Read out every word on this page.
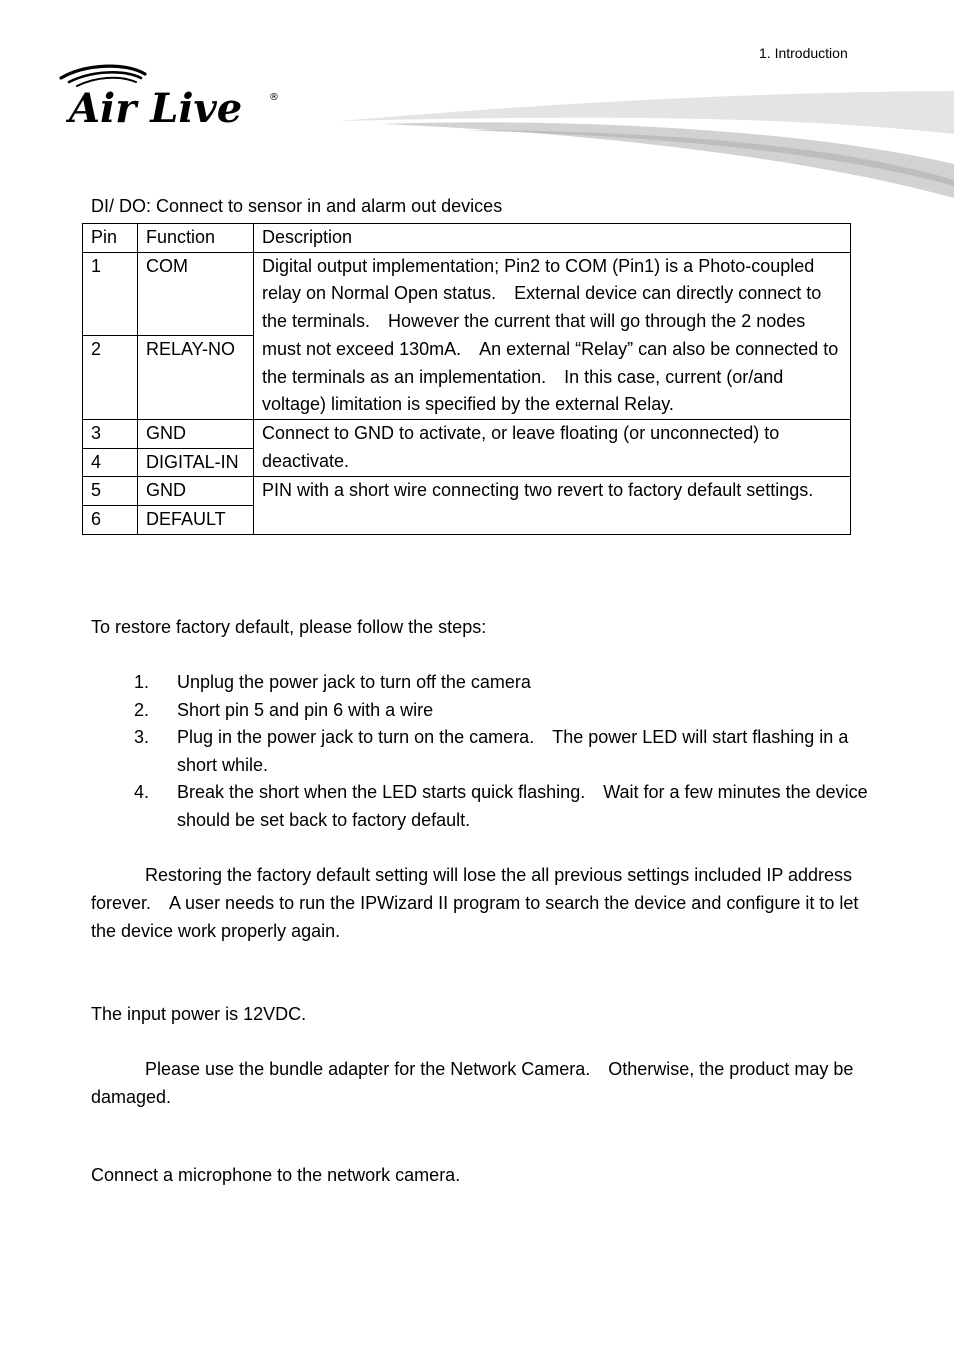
1. Introduction
Air Live	®
DI/ DO: Connect to sensor in and alarm out devices
Pin	Function	Description
1	COM	Digital output implementation; Pin2 to COM (Pin1) is a Photo-coupled relay on Normal Open status.　External device can directly connect to the terminals.　However the current that will go through the 2 nodes must not exceed 130mA.　An external “Relay” can also be connected to the terminals as an implementation.　In this case, current (or/and voltage) limitation is specified by the external Relay.
2	RELAY-NO	
3	GND	Connect to GND to activate, or leave floating (or unconnected) to deactivate.
4	DIGITAL-IN	
5	GND	PIN with a short wire connecting two revert to factory default settings.
6	DEFAULT	
To restore factory default, please follow the steps:
1. Unplug the power jack to turn off the camera
2. Short pin 5 and pin 6 with a wire
3. Plug in the power jack to turn on the camera.　The power LED will start flashing in a short while.
4. Break the short when the LED starts quick flashing.　Wait for a few minutes the device should be set back to factory default.
Restoring the factory default setting will lose the all previous settings included IP address forever.　A user needs to run the IPWizard II program to search the device and configure it to let the device work properly again.
The input power is 12VDC.
Please use the bundle adapter for the Network Camera.　Otherwise, the product may be damaged.
Connect a microphone to the network camera.
